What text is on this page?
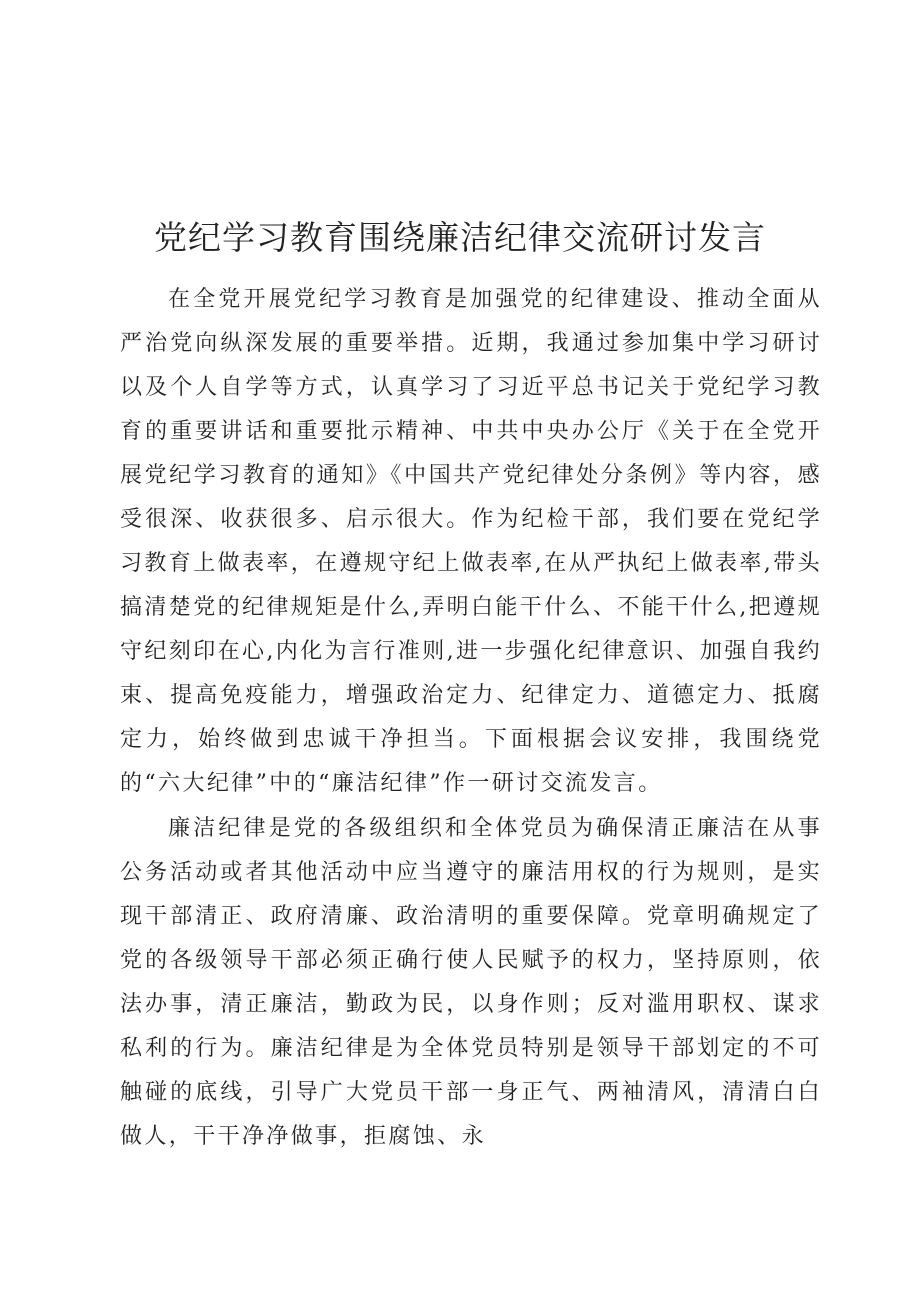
党纪学习教育围绕廉洁纪律交流研讨发言

在全党开展党纪学习教育是加强党的纪律建设、推动全面从严治党向纵深发展的重要举措。近期，我通过参加集中学习研讨以及个人自学等方式，认真学习了习近平总书记关于党纪学习教育的重要讲话和重要批示精神、中共中央办公厅《关于在全党开展党纪学习教育的通知》《中国共产党纪律处分条例》等内容，感受很深、收获很多、启示很大。作为纪检干部，我们要在党纪学习教育上做表率，在遵规守纪上做表率,在从严执纪上做表率,带头搞清楚党的纪律规矩是什么,弄明白能干什么、不能干什么,把遵规守纪刻印在心,内化为言行准则,进一步强化纪律意识、加强自我约束、提高免疫能力，增强政治定力、纪律定力、道德定力、抵腐定力，始终做到忠诚干净担当。下面根据会议安排，我围绕党的“六大纪律”中的“廉洁纪律”作一研讨交流发言。

廉洁纪律是党的各级组织和全体党员为确保清正廉洁在从事公务活动或者其他活动中应当遵守的廉洁用权的行为规则，是实现干部清正、政府清廉、政治清明的重要保障。党章明确规定了党的各级领导干部必须正确行使人民赋予的权力，坚持原则，依法办事，清正廉洁，勤政为民，以身作则；反对滥用职权、谋求私利的行为。廉洁纪律是为全体党员特别是领导干部划定的不可触碰的底线，引导广大党员干部一身正气、两袖清风，清清白白做人，干干净净做事，拒腐蚀、永
